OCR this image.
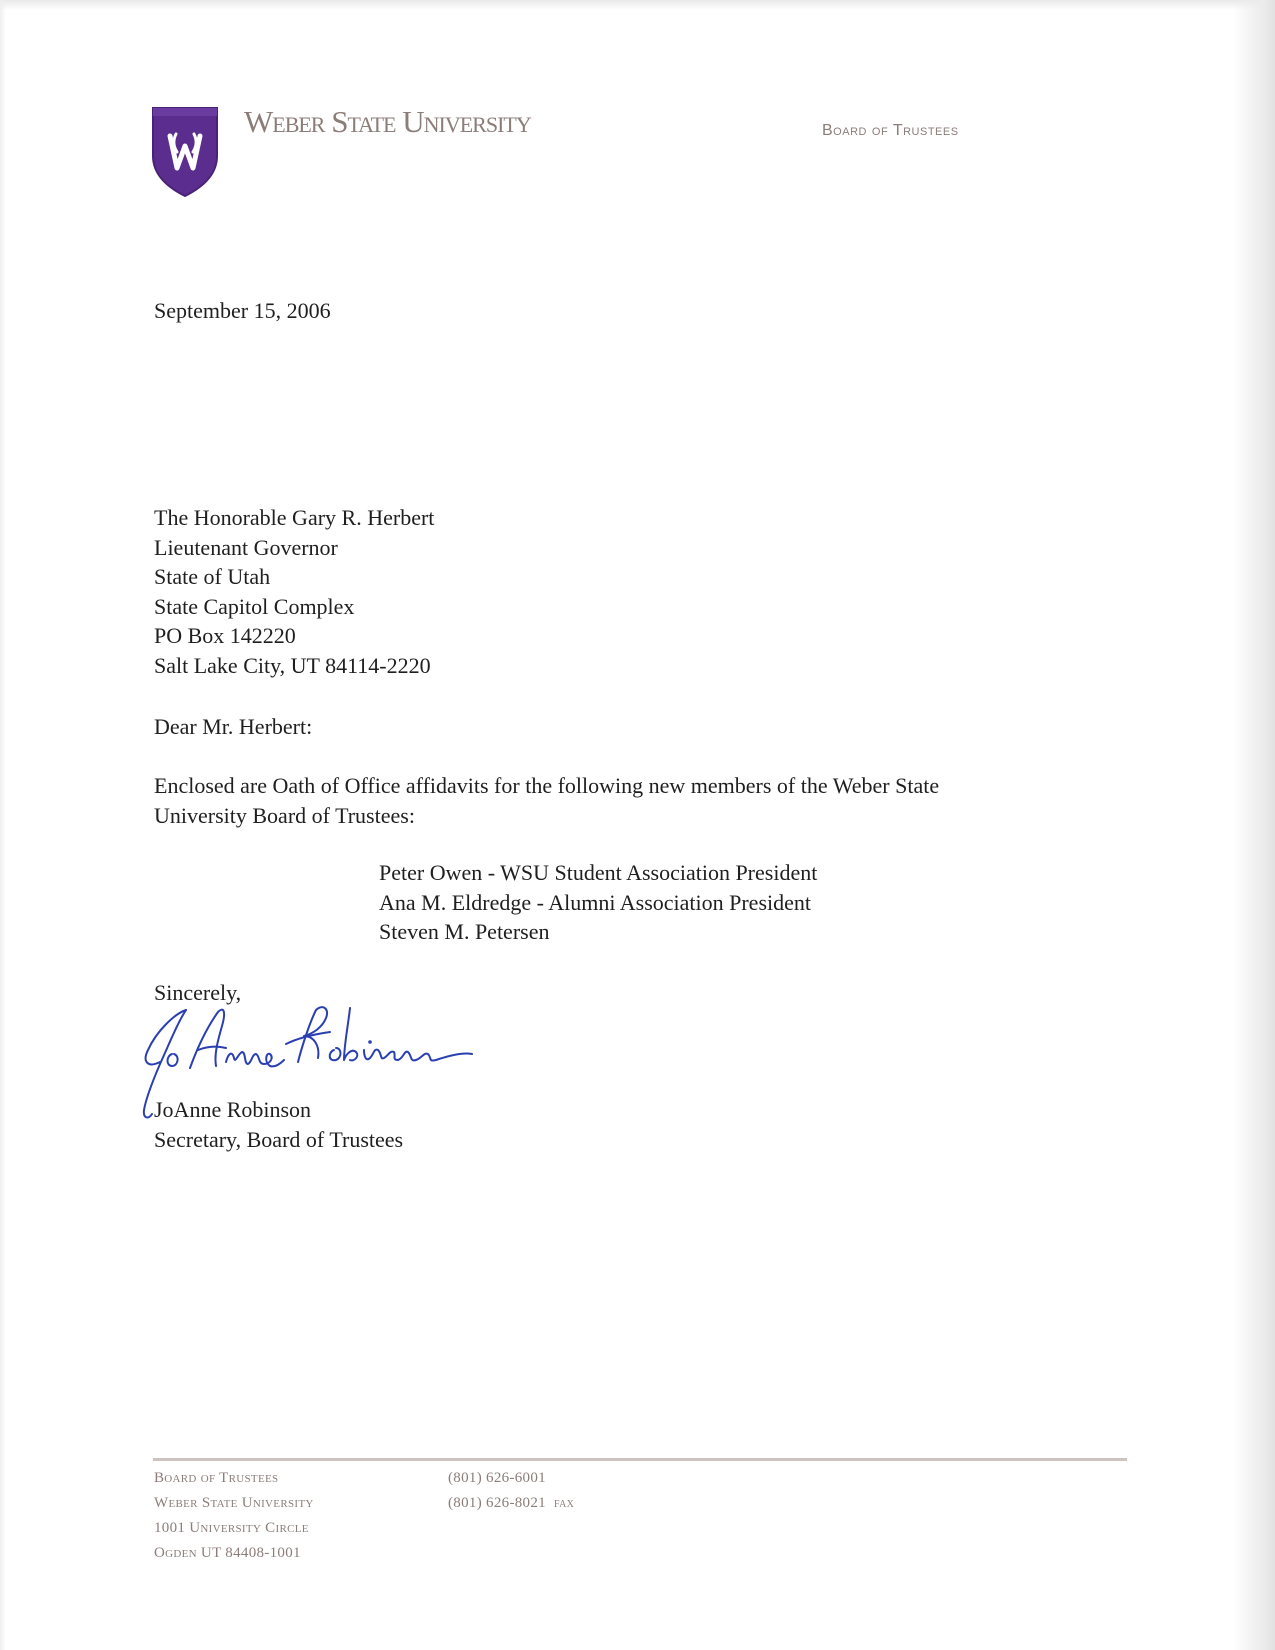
Weber State University	Board of Trustees
September 15, 2006
The Honorable Gary R. Herbert
Lieutenant Governor
State of Utah
State Capitol Complex
PO Box 142220
Salt Lake City, UT 84114-2220
Dear Mr. Herbert:
Enclosed are Oath of Office affidavits for the following new members of the Weber State
University Board of Trustees:
Peter Owen - WSU Student Association President
Ana M. Eldredge - Alumni Association President
Steven M. Petersen
Sincerely,
JoAnne Robinson
Secretary, Board of Trustees
Board of Trustees
Weber State University
1001 University Circle
Ogden UT 84408-1001
(801) 626-6001
(801) 626-8021 fax
